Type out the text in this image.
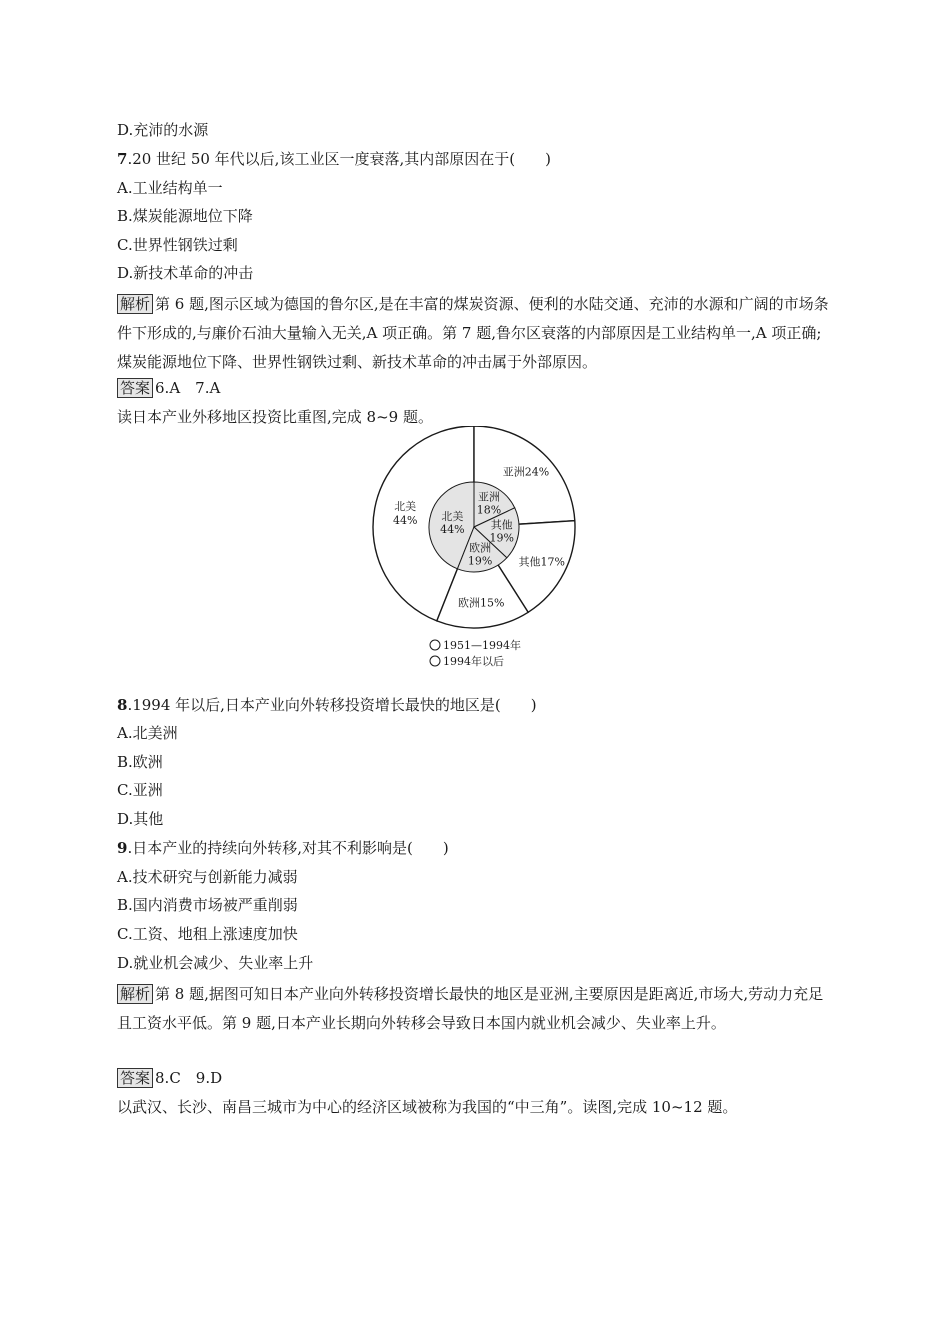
D.充沛的水源
7.20 世纪 50 年代以后,该工业区一度衰落,其内部原因在于(　　)
A.工业结构单一
B.煤炭能源地位下降
C.世界性钢铁过剩
D.新技术革命的冲击
解析 第 6 题,图示区域为德国的鲁尔区,是在丰富的煤炭资源、便利的水陆交通、充沛的水源和广阔的市场条件下形成的,与廉价石油大量输入无关,A 项正确。第 7 题,鲁尔区衰落的内部原因是工业结构单一,A 项正确;煤炭能源地位下降、世界性钢铁过剩、新技术革命的冲击属于外部原因。
答案 6.A　7.A
读日本产业外移地区投资比重图,完成 8~9 题。
北美
44%
亚洲24%
其他17%
欧洲15%
北美
44%
亚洲
18%
其他
19%
欧洲
19%
1951—1994年
1994年以后
8.1994 年以后,日本产业向外转移投资增长最快的地区是(　　)
A.北美洲
B.欧洲
C.亚洲
D.其他
9.日本产业的持续向外转移,对其不利影响是(　　)
A.技术研究与创新能力减弱
B.国内消费市场被严重削弱
C.工资、地租上涨速度加快
D.就业机会减少、失业率上升
解析 第 8 题,据图可知日本产业向外转移投资增长最快的地区是亚洲,主要原因是距离近,市场大,劳动力充足且工资水平低。第 9 题,日本产业长期向外转移会导致日本国内就业机会减少、失业率上升。
答案 8.C　9.D
以武汉、长沙、南昌三城市为中心的经济区域被称为我国的“中三角”。读图,完成 10~12 题。
